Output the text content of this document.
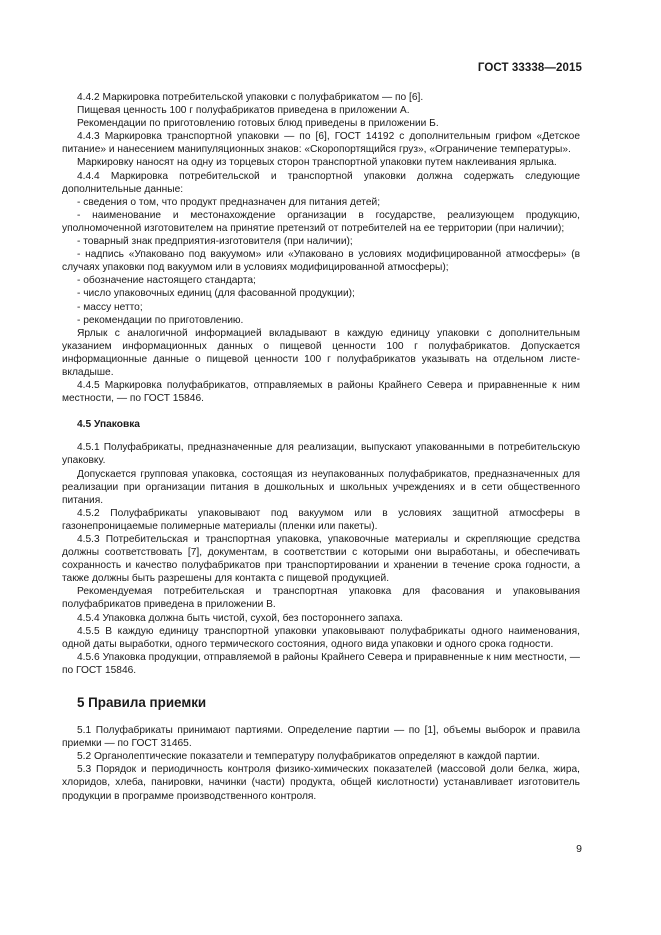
ГОСТ 33338—2015

4.4.2 Маркировка потребительской упаковки с полуфабрикатом — по [6].

Пищевая ценность 100 г полуфабрикатов приведена в приложении А.

Рекомендации по приготовлению готовых блюд приведены в приложении Б.

4.4.3 Маркировка транспортной упаковки — по [6], ГОСТ 14192 с дополнительным грифом «Детское питание» и нанесением манипуляционных знаков: «Скоропортящийся груз», «Ограничение температуры».

Маркировку наносят на одну из торцевых сторон транспортной упаковки путем наклеивания ярлыка.

4.4.4 Маркировка потребительской и транспортной упаковки должна содержать следующие дополнительные данные:

- сведения о том, что продукт предназначен для питания детей;

- наименование и местонахождение организации в государстве, реализующем продукцию, уполномоченной изготовителем на принятие претензий от потребителей на ее территории (при наличии);

- товарный знак предприятия-изготовителя (при наличии);

- надпись «Упаковано под вакуумом» или «Упаковано в условиях модифицированной атмосферы» (в случаях упаковки под вакуумом или в условиях модифицированной атмосферы);

- обозначение настоящего стандарта;

- число упаковочных единиц (для фасованной продукции);

- массу нетто;

- рекомендации по приготовлению.

Ярлык с аналогичной информацией вкладывают в каждую единицу упаковки с дополнительным указанием информационных данных о пищевой ценности 100 г полуфабрикатов. Допускается информационные данные о пищевой ценности 100 г полуфабрикатов указывать на отдельном листе-вкладыше.

4.4.5 Маркировка полуфабрикатов, отправляемых в районы Крайнего Севера и приравненные к ним местности, — по ГОСТ 15846.

4.5 Упаковка

4.5.1 Полуфабрикаты, предназначенные для реализации, выпускают упакованными в потребительскую упаковку.

Допускается групповая упаковка, состоящая из неупакованных полуфабрикатов, предназначенных для реализации при организации питания в дошкольных и школьных учреждениях и в сети общественного питания.

4.5.2 Полуфабрикаты упаковывают под вакуумом или в условиях защитной атмосферы в газонепроницаемые полимерные материалы (пленки или пакеты).

4.5.3 Потребительская и транспортная упаковка, упаковочные материалы и скрепляющие средства должны соответствовать [7], документам, в соответствии с которыми они выработаны, и обеспечивать сохранность и качество полуфабрикатов при транспортировании и хранении в течение срока годности, а также должны быть разрешены для контакта с пищевой продукцией.

Рекомендуемая потребительская и транспортная упаковка для фасования и упаковывания полуфабрикатов приведена в приложении В.

4.5.4 Упаковка должна быть чистой, сухой, без постороннего запаха.

4.5.5 В каждую единицу транспортной упаковки упаковывают полуфабрикаты одного наименования, одной даты выработки, одного термического состояния, одного вида упаковки и одного срока годности.

4.5.6 Упаковка продукции, отправляемой в районы Крайнего Севера и приравненные к ним местности, — по ГОСТ 15846.

5 Правила приемки

5.1 Полуфабрикаты принимают партиями. Определение партии — по [1], объемы выборок и правила приемки — по ГОСТ 31465.

5.2 Органолептические показатели и температуру полуфабрикатов определяют в каждой партии.

5.3 Порядок и периодичность контроля физико-химических показателей (массовой доли белка, жира, хлоридов, хлеба, панировки, начинки (части) продукта, общей кислотности) устанавливает изготовитель продукции в программе производственного контроля.

9
